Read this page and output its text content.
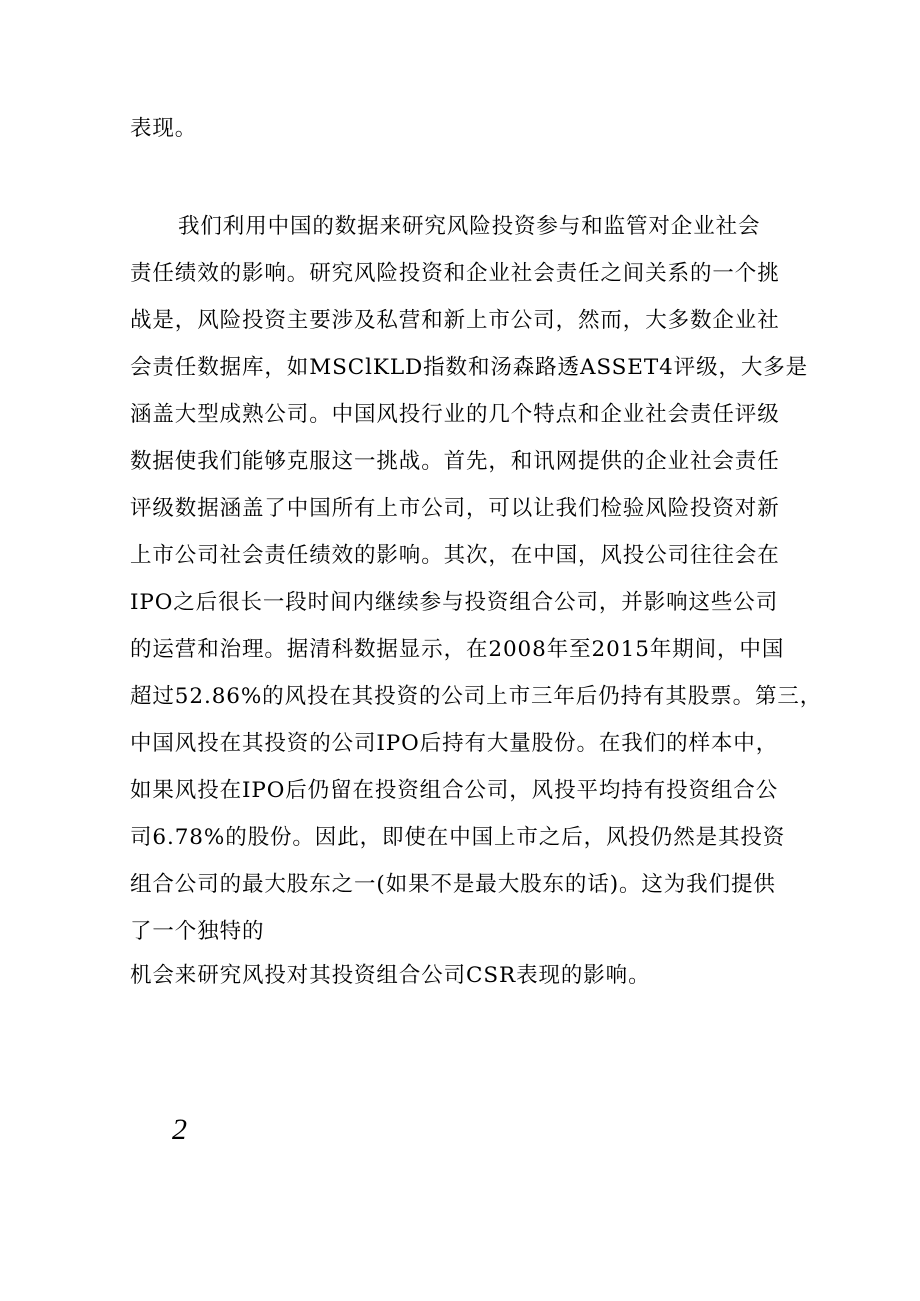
表现。
我们利用中国的数据来研究风险投资参与和监管对企业社会
责任绩效的影响。研究风险投资和企业社会责任之间关系的一个挑
战是，风险投资主要涉及私营和新上市公司，然而，大多数企业社
会责任数据库，如MSClKLD指数和汤森路透ASSET4评级，大多是
涵盖大型成熟公司。中国风投行业的几个特点和企业社会责任评级
数据使我们能够克服这一挑战。首先，和讯网提供的企业社会责任
评级数据涵盖了中国所有上市公司，可以让我们检验风险投资对新
上市公司社会责任绩效的影响。其次，在中国，风投公司往往会在
IPO之后很长一段时间内继续参与投资组合公司，并影响这些公司
的运营和治理。据清科数据显示，在2008年至2015年期间，中国
超过52.86%的风投在其投资的公司上市三年后仍持有其股票。第三，
中国风投在其投资的公司IPO后持有大量股份。在我们的样本中，
如果风投在IPO后仍留在投资组合公司，风投平均持有投资组合公
司6.78%的股份。因此，即使在中国上市之后，风投仍然是其投资
组合公司的最大股东之一(如果不是最大股东的话)。这为我们提供
了一个独特的
机会来研究风投对其投资组合公司CSR表现的影响。
2
